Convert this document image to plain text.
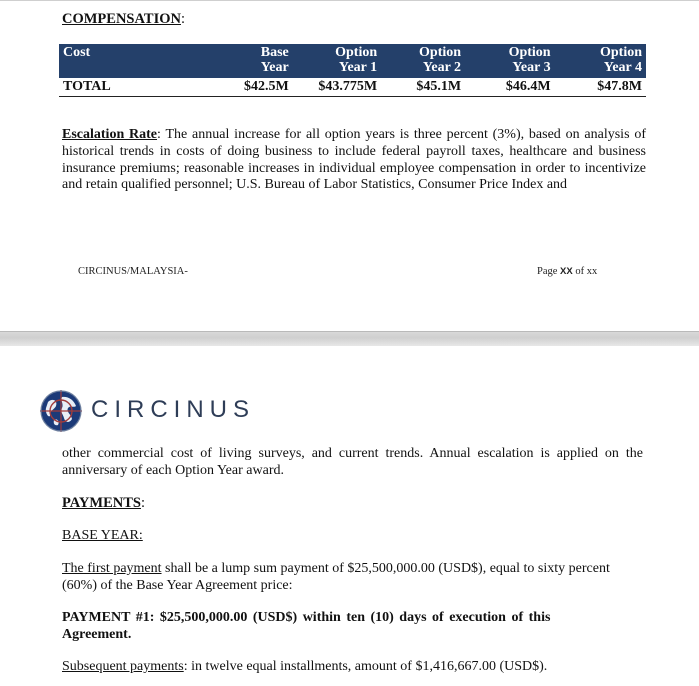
COMPENSATION:
Cost	Base Year	Option Year 1	Option Year 2	Option Year 3	Option Year 4
TOTAL	$42.5M	$43.775M	$45.1M	$46.4M	$47.8M
Escalation Rate: The annual increase for all option years is three percent (3%), based on analysis of historical trends in costs of doing business to include federal payroll taxes, healthcare and business insurance premiums; reasonable increases in individual employee compensation in order to incentivize and retain qualified personnel; U.S. Bureau of Labor Statistics, Consumer Price Index and
CIRCINUS/MALAYSIA-	Page XX of xx
CIRCINUS
other commercial cost of living surveys, and current trends. Annual escalation is applied on the anniversary of each Option Year award.
PAYMENTS:
BASE YEAR:
The first payment shall be a lump sum payment of $25,500,000.00 (USD$), equal to sixty percent (60%) of the Base Year Agreement price:
PAYMENT #1: $25,500,000.00 (USD$) within ten (10) days of execution of this Agreement.
Subsequent payments: in twelve equal installments, amount of $1,416,667.00 (USD$).
